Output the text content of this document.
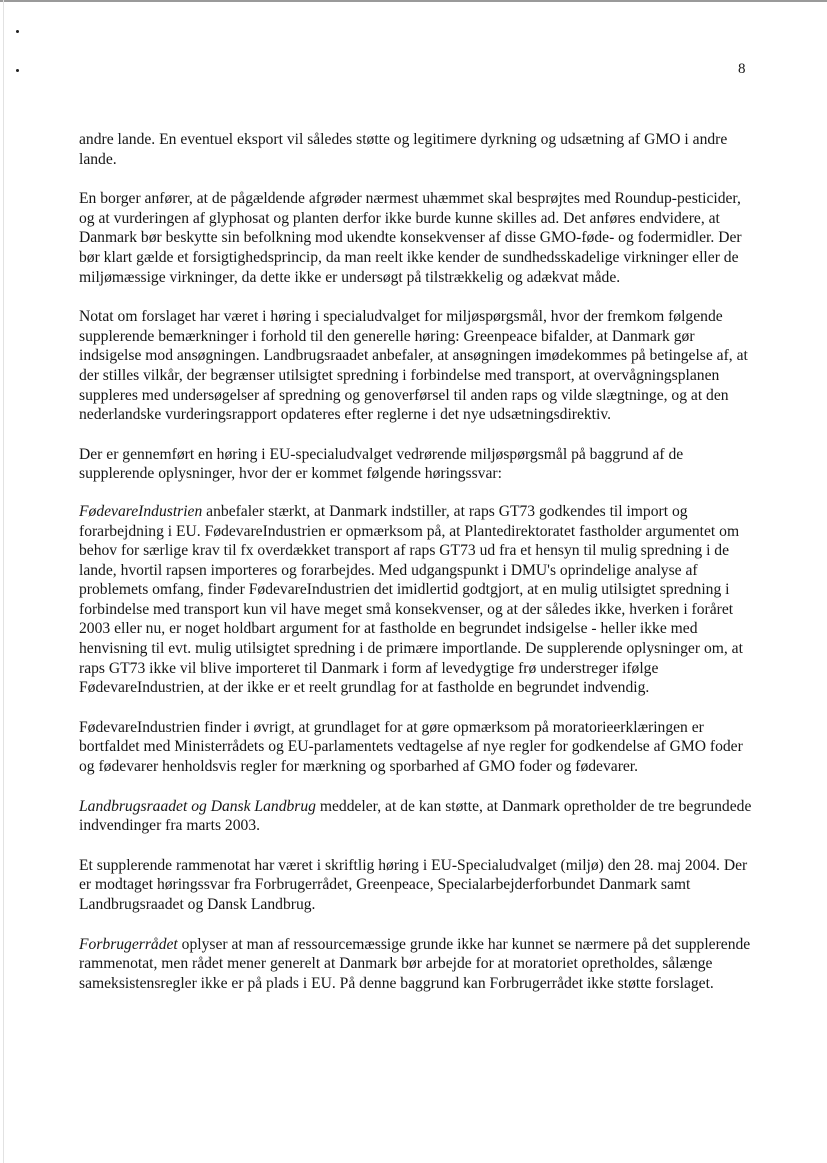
8

andre lande. En eventuel eksport vil således støtte og legitimere dyrkning og udsætning af GMO i andre lande.

En borger anfører, at de pågældende afgrøder nærmest uhæmmet skal besprøjtes med Roundup-pesticider, og at vurderingen af glyphosat og planten derfor ikke burde kunne skilles ad. Det anføres endvidere, at Danmark bør beskytte sin befolkning mod ukendte konsekvenser af disse GMO-føde- og fodermidler. Der bør klart gælde et forsigtighedsprincip, da man reelt ikke kender de sundhedsskadelige virkninger eller de miljømæssige virkninger, da dette ikke er undersøgt på tilstrækkelig og adækvat måde.

Notat om forslaget har været i høring i specialudvalget for miljøspørgsmål, hvor der fremkom følgende supplerende bemærkninger i forhold til den generelle høring: Greenpeace bifalder, at Danmark gør indsigelse mod ansøgningen. Landbrugsraadet anbefaler, at ansøgningen imødekommes på betingelse af, at der stilles vilkår, der begrænser utilsigtet spredning i forbindelse med transport, at overvågningsplanen suppleres med undersøgelser af spredning og genoverførsel til anden raps og vilde slægtninge, og at den nederlandske vurderingsrapport opdateres efter reglerne i det nye udsætningsdirektiv.

Der er gennemført en høring i EU-specialudvalget vedrørende miljøspørgsmål på baggrund af de supplerende oplysninger, hvor der er kommet følgende høringssvar:

FødevareIndustrien anbefaler stærkt, at Danmark indstiller, at raps GT73 godkendes til import og forarbejdning i EU. FødevareIndustrien er opmærksom på, at Plantedirektoratet fastholder argumentet om behov for særlige krav til fx overdækket transport af raps GT73 ud fra et hensyn til mulig spredning i de lande, hvortil rapsen importeres og forarbejdes. Med udgangspunkt i DMU's oprindelige analyse af problemets omfang, finder FødevareIndustrien det imidlertid godtgjort, at en mulig utilsigtet spredning i forbindelse med transport kun vil have meget små konsekvenser, og at der således ikke, hverken i foråret 2003 eller nu, er noget holdbart argument for at fastholde en begrundet indsigelse - heller ikke med henvisning til evt. mulig utilsigtet spredning i de primære importlande. De supplerende oplysninger om, at raps GT73 ikke vil blive importeret til Danmark i form af levedygtige frø understreger ifølge FødevareIndustrien, at der ikke er et reelt grundlag for at fastholde en begrundet indvendig.

FødevareIndustrien finder i øvrigt, at grundlaget for at gøre opmærksom på moratorieerklæringen er bortfaldet med Ministerrådets og EU-parlamentets vedtagelse af nye regler for godkendelse af GMO foder og fødevarer henholdsvis regler for mærkning og sporbarhed af GMO foder og fødevarer.

Landbrugsraadet og Dansk Landbrug meddeler, at de kan støtte, at Danmark opretholder de tre begrundede indvendinger fra marts 2003.

Et supplerende rammenotat har været i skriftlig høring i EU-Specialudvalget (miljø) den 28. maj 2004. Der er modtaget høringssvar fra Forbrugerrådet, Greenpeace, Specialarbejderforbundet Danmark samt Landbrugsraadet og Dansk Landbrug.

Forbrugerrådet oplyser at man af ressourcemæssige grunde ikke har kunnet se nærmere på det supplerende rammenotat, men rådet mener generelt at Danmark bør arbejde for at moratoriet opretholdes, sålænge sameksistensregler ikke er på plads i EU. På denne baggrund kan Forbrugerrådet ikke støtte forslaget.
